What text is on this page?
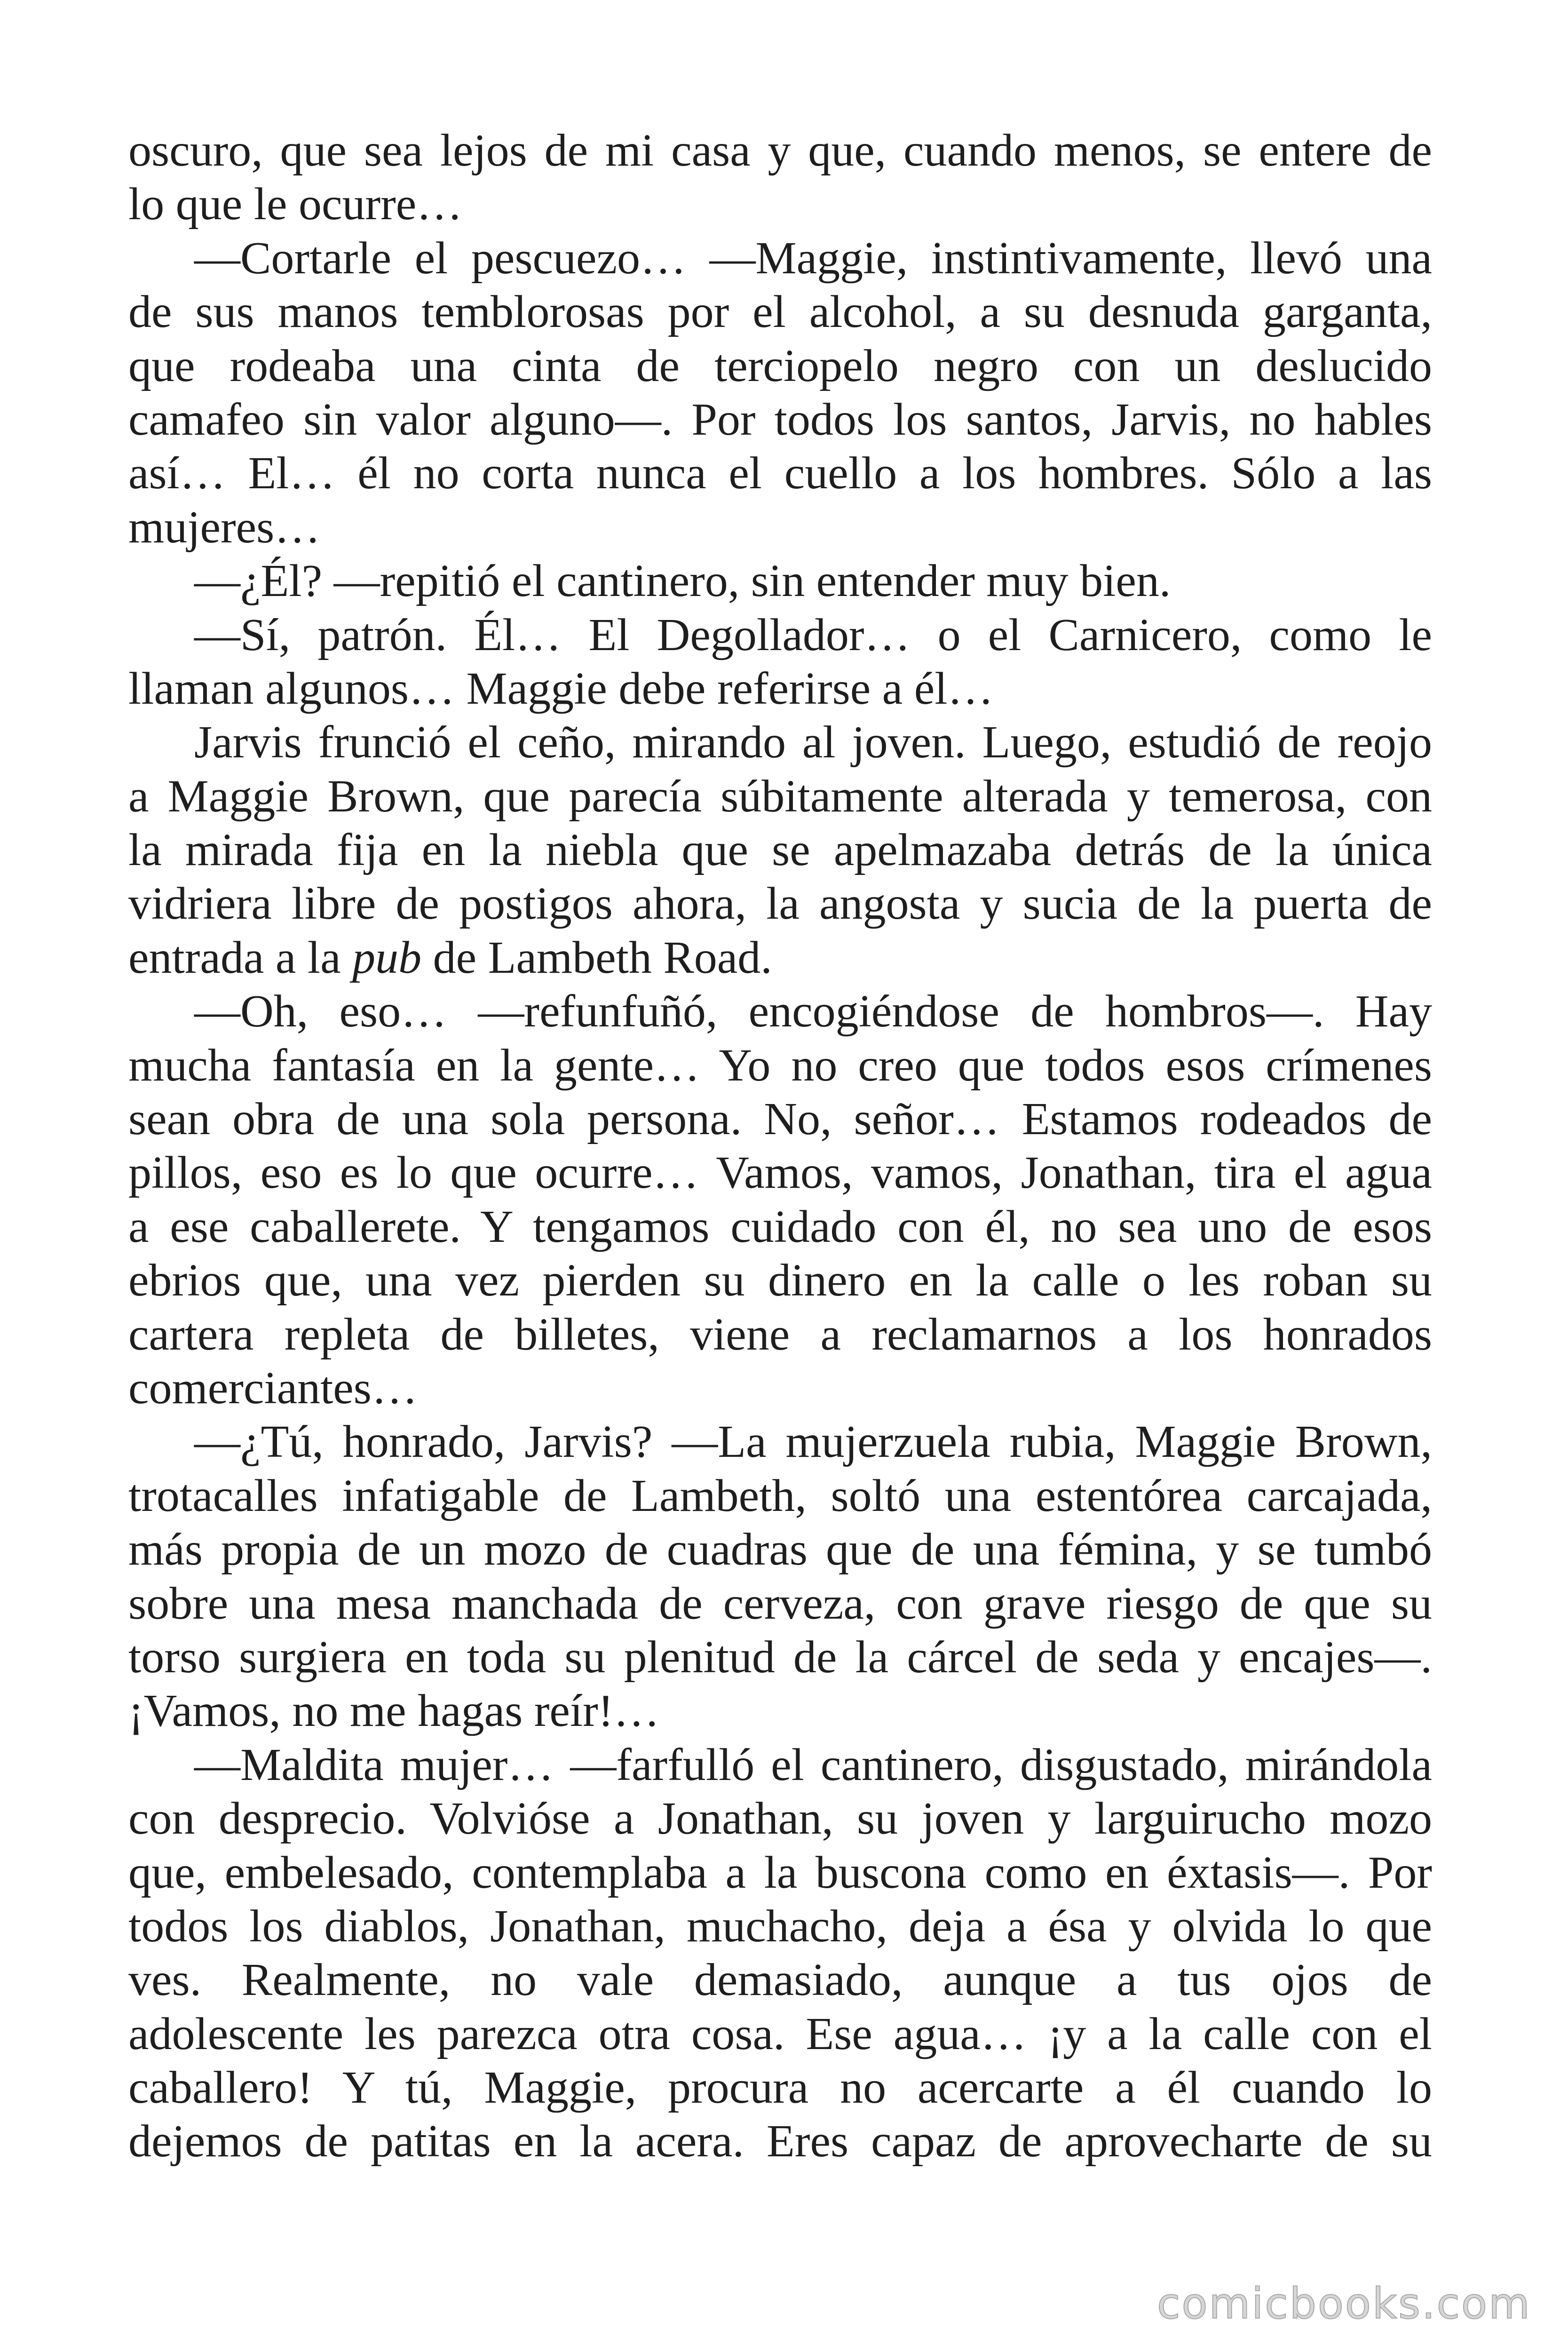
oscuro, que sea lejos de mi casa y que, cuando menos, se entere de
lo que le ocurre…
—Cortarle el pescuezo… —Maggie, instintivamente, llevó una
de sus manos temblorosas por el alcohol, a su desnuda garganta,
que rodeaba una cinta de terciopelo negro con un deslucido
camafeo sin valor alguno—. Por todos los santos, Jarvis, no hables
así… El… él no corta nunca el cuello a los hombres. Sólo a las
mujeres…
—¿Él? —repitió el cantinero, sin entender muy bien.
—Sí, patrón. Él… El Degollador… o el Carnicero, como le
llaman algunos… Maggie debe referirse a él…
Jarvis frunció el ceño, mirando al joven. Luego, estudió de reojo
a Maggie Brown, que parecía súbitamente alterada y temerosa, con
la mirada fija en la niebla que se apelmazaba detrás de la única
vidriera libre de postigos ahora, la angosta y sucia de la puerta de
entrada a la pub de Lambeth Road.
—Oh, eso… —refunfuñó, encogiéndose de hombros—. Hay
mucha fantasía en la gente… Yo no creo que todos esos crímenes
sean obra de una sola persona. No, señor… Estamos rodeados de
pillos, eso es lo que ocurre… Vamos, vamos, Jonathan, tira el agua
a ese caballerete. Y tengamos cuidado con él, no sea uno de esos
ebrios que, una vez pierden su dinero en la calle o les roban su
cartera repleta de billetes, viene a reclamarnos a los honrados
comerciantes…
—¿Tú, honrado, Jarvis? —La mujerzuela rubia, Maggie Brown,
trotacalles infatigable de Lambeth, soltó una estentórea carcajada,
más propia de un mozo de cuadras que de una fémina, y se tumbó
sobre una mesa manchada de cerveza, con grave riesgo de que su
torso surgiera en toda su plenitud de la cárcel de seda y encajes—.
¡Vamos, no me hagas reír!…
—Maldita mujer… —farfulló el cantinero, disgustado, mirándola
con desprecio. Volvióse a Jonathan, su joven y larguirucho mozo
que, embelesado, contemplaba a la buscona como en éxtasis—. Por
todos los diablos, Jonathan, muchacho, deja a ésa y olvida lo que
ves. Realmente, no vale demasiado, aunque a tus ojos de
adolescente les parezca otra cosa. Ese agua… ¡y a la calle con el
caballero! Y tú, Maggie, procura no acercarte a él cuando lo
dejemos de patitas en la acera. Eres capaz de aprovecharte de su
comicbooks.com
